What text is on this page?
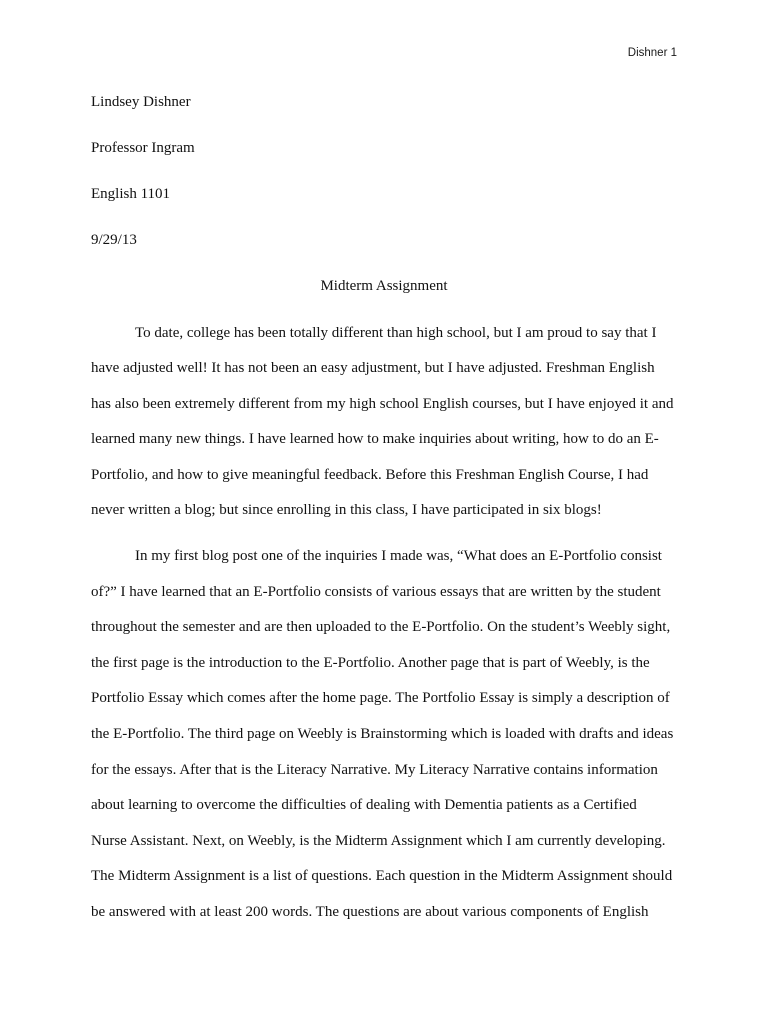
Dishner 1
Lindsey Dishner
Professor Ingram
English 1101
9/29/13
Midterm Assignment
To date, college has been totally different than high school, but I am proud to say that I
have adjusted well! It has not been an easy adjustment, but I have adjusted. Freshman English
has also been extremely different from my high school English courses, but I have enjoyed it and
learned many new things. I have learned how to make inquiries about writing, how to do an E-
Portfolio, and how to give meaningful feedback. Before this Freshman English Course, I had
never written a blog; but since enrolling in this class, I have participated in six blogs!
In my first blog post one of the inquiries I made was, “What does an E-Portfolio consist
of?” I have learned that an E-Portfolio consists of various essays that are written by the student
throughout the semester and are then uploaded to the E-Portfolio. On the student’s Weebly sight,
the first page is the introduction to the E-Portfolio. Another page that is part of Weebly, is the
Portfolio Essay which comes after the home page. The Portfolio Essay is simply a description of
the E-Portfolio. The third page on Weebly is Brainstorming which is loaded with drafts and ideas
for the essays. After that is the Literacy Narrative. My Literacy Narrative contains information
about learning to overcome the difficulties of dealing with Dementia patients as a Certified
Nurse Assistant. Next, on Weebly, is the Midterm Assignment which I am currently developing.
The Midterm Assignment is a list of questions. Each question in the Midterm Assignment should
be answered with at least 200 words. The questions are about various components of English
